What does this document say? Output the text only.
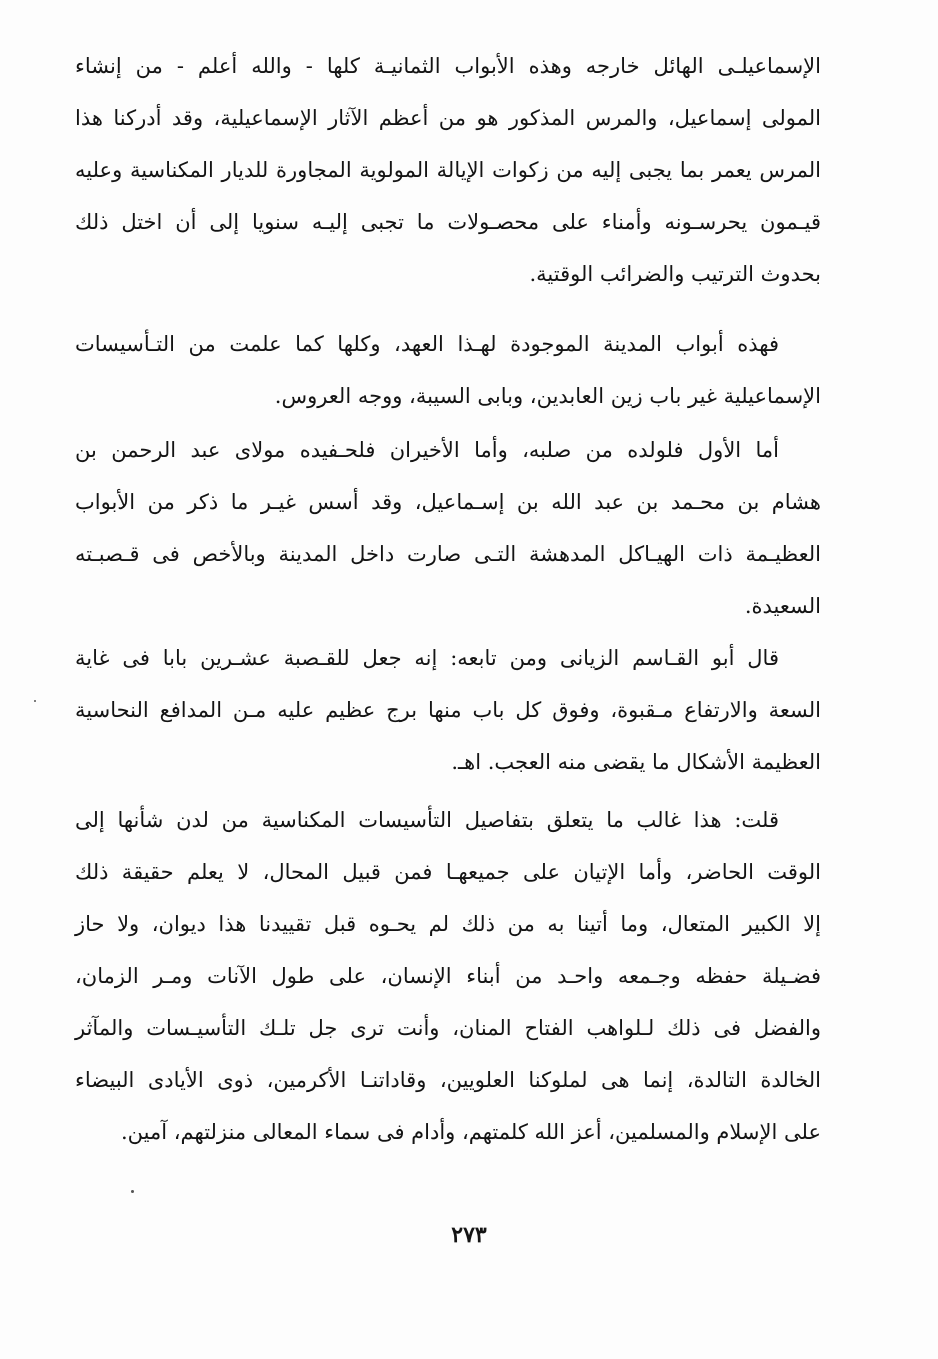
الإسماعيلـى الهائل خارجه وهذه الأبواب الثمانيـة كلها - والله أعلم - من إنشاء
المولى إسماعيل، والمرس المذكور هو من أعظم الآثار الإسماعيلية، وقد أدركنا هذا
المرس يعمر بما يجبى إليه من زكوات الإيالة المولوية المجاورة للديار المكناسية وعليه
قيـمون يحرسـونه وأمناء على محصـولات ما تجبى إليـه سنويا إلى أن اختل ذلك
بحدوث الترتيب والضرائب الوقتية.
فهذه أبواب المدينة الموجودة لهـذا العهد، وكلها كما علمت من التـأسيسات
الإسماعيلية غير باب زين العابدين، وبابى السيبة، ووجه العروس.
أما الأول فلولده من صلبه، وأما الأخيران فلحـفيده مولاى عبد الرحمن بن
هشام بن محـمد بن عبد الله بن إسـماعيل، وقد أسس غيـر ما ذكر من الأبواب
العظيـمة ذات الهيـاكل المدهشة التـى صارت داخل المدينة وبالأخص فى قـصبـته
السعيدة.
قال أبو القـاسم الزيانى ومن تابعه: إنه جعل للقـصبة عشـرين بابا فى غاية
السعة والارتفاع مـقبوة، وفوق كل باب منها برج عظيم عليه مـن المدافع النحاسية
العظيمة الأشكال ما يقضى منه العجب. اهـ.
قلت: هذا غالب ما يتعلق بتفاصيل التأسيسات المكناسية من لدن شأنها إلى
الوقت الحاضر، وأما الإتيان على جميعهـا فمن قبيل المحال، لا يعلم حقيقة ذلك
إلا الكبير المتعال، وما أتينا به من ذلك لم يحـوه قبل تقييدنا هذا ديوان، ولا حاز
فضـيلة حفظه وجـمعه واحـد من أبناء الإنسان، على طول الآنات ومـر الزمان،
والفضل فى ذلك لـلواهب الفتاح المنان، وأنت ترى جل تلـك التأسيـسات والمآثر
الخالدة التالدة، إنما هى لملوكنا العلويين، وقاداتنـا الأكرمين، ذوى الأيادى البيضاء
على الإسلام والمسلمين، أعز الله كلمتهم، وأدام فى سماء المعالى منزلتهم، آمين.
٢٧٣
